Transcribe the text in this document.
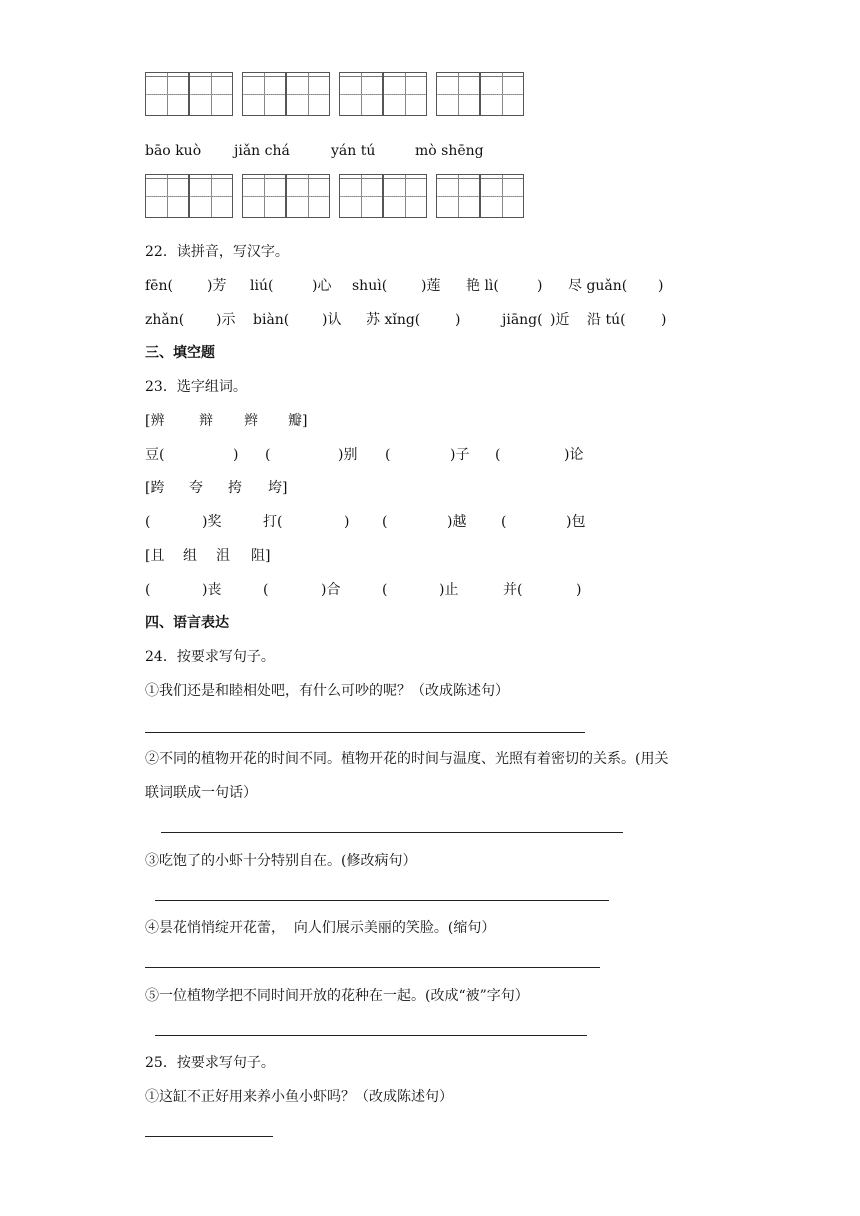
bāo kuò jiǎn chá	yán tú	mò shēng
22．读拼音，写汉字。
fēn( )芳 liú(	)心 shuì( )莲 艳 lì(	) 尽 guǎn( )
zhǎn( )示 biàn( )认 苏 xǐng( )	jiāng( )近 沿 tú(	)
三、填空题
23．选字组词。
[辨 辩 辫 瓣]
豆(	) (	)别 (	)子 (	)论
[跨 夸 挎 垮]
(	)奖	打(	) (	)越 (	)包
[且 组 沮 阻]
(	)丧	(	)合	(	)止	并(	)
四、语言表达
24．按要求写句子。
①我们还是和睦相处吧，有什么可吵的呢？（改成陈述句）
②不同的植物开花的时间不同。植物开花的时间与温度、光照有着密切的关系。(用关
联词联成一句话）
③吃饱了的小虾十分特别自在。(修改病句）
④昙花悄悄绽开花蕾，  向人们展示美丽的笑脸。(缩句）
⑤一位植物学把不同时间开放的花种在一起。(改成“被”字句）
25．按要求写句子。
①这缸不正好用来养小鱼小虾吗？（改成陈述句）
